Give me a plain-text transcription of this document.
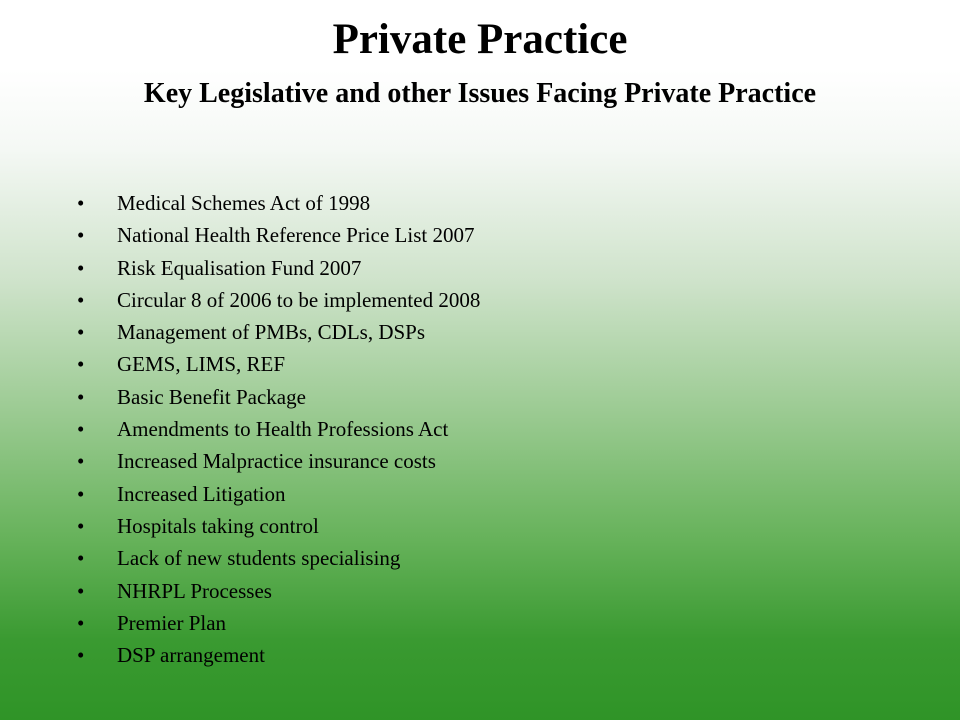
Private Practice
Key Legislative and other Issues Facing Private Practice
•	Medical Schemes Act of 1998
•	National Health Reference Price List 2007
•	Risk Equalisation Fund 2007
•	Circular 8 of 2006 to be implemented 2008
•	Management of PMBs, CDLs, DSPs
•	GEMS, LIMS, REF
•	Basic Benefit Package
•	Amendments to Health Professions Act
•	Increased Malpractice insurance costs
•	Increased Litigation
•	Hospitals taking control
•	Lack of new students specialising
•	NHRPL Processes
•	Premier Plan
•	DSP arrangement
